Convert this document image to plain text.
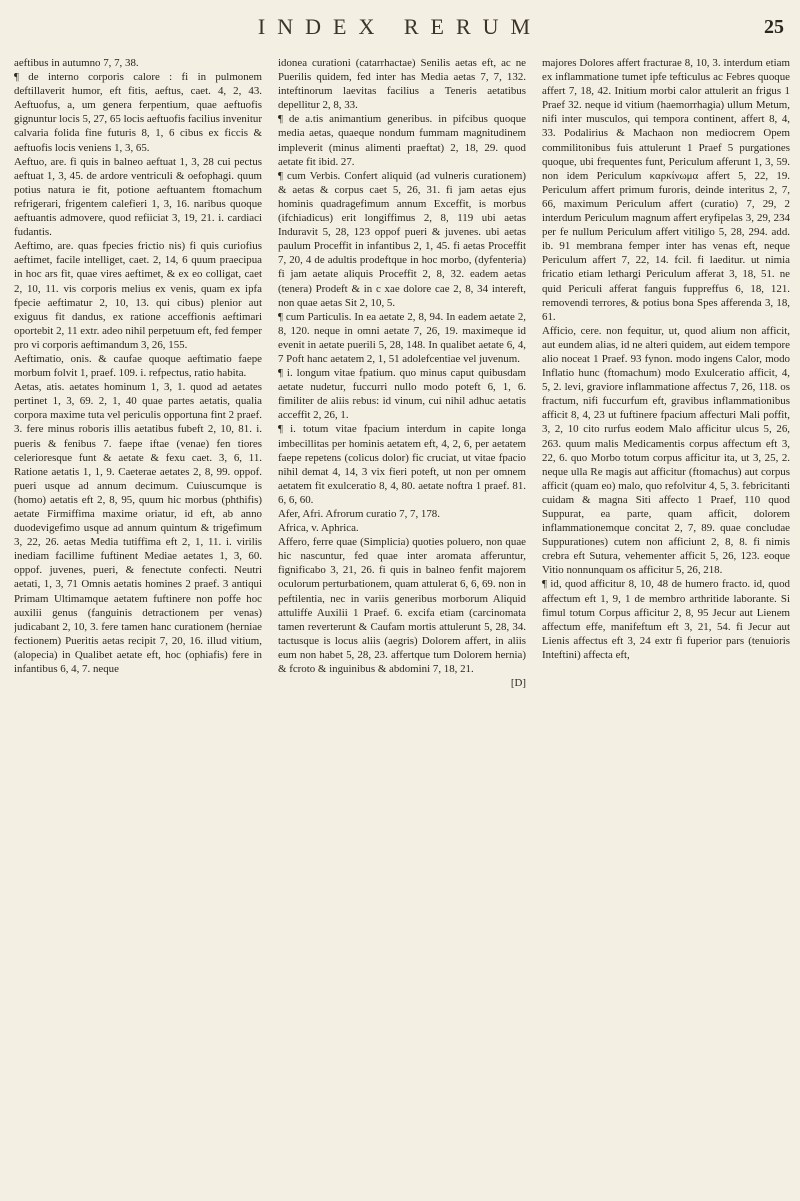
INDEX RERUM	25

aeftibus in autumno 7, 7, 38.

¶ de interno corporis calore : fi in pulmonem deftillaverit humor, eft fitis, aeftus, caet. 4, 2, 43. Aeftuofus, a, um genera ferpentium, quae aeftuofis gignuntur locis 5, 27, 65 locis aeftuofis facilius invenitur calvaria folida fine futuris 8, 1, 6 cibus ex ficcis & aeftuofis locis veniens 1, 3, 65.

Aeftuo, are. fi quis in balneo aeftuat 1, 3, 28 cui pectus aeftuat 1, 3, 45. de ardore ventriculi & oefophagi. quum potius natura ie fit, potione aeftuantem ftomachum refrigerari, frigentem calefieri 1, 3, 16. naribus quoque aeftuantis admovere, quod refiiciat 3, 19, 21. i. cardiaci fudantis.

Aeftimo, are. quas fpecies frictio nis) fi quis curiofius aeftimet, facile intelliget, caet. 2, 14, 6 quum praecipua in hoc ars fit, quae vires aeftimet, & ex eo colligat, caet 2, 10, 11. vis corporis melius ex venis, quam ex ipfa fpecie aeftimatur 2, 10, 13. qui cibus) plenior aut exiguus fit dandus, ex ratione acceffionis aeftimari oportebit 2, 11 extr. adeo nihil perpetuum eft, fed femper pro vi corporis aeftimandum 3, 26, 155.

Aeftimatio, onis. & caufae quoque aeftimatio faepe morbum folvit 1, praef. 109. i. refpectus, ratio habita.

Aetas, atis. aetates hominum 1, 3, 1. quod ad aetates pertinet 1, 3, 69. 2, 1, 40 quae partes aetatis, qualia corpora maxime tuta vel periculis opportuna fint 2 praef. 3. fere minus roboris illis aetatibus fubeft 2, 10, 81. i. pueris & fenibus 7. faepe iftae (venae) fen tiores celerioresque funt & aetate & fexu caet. 3, 6, 11. Ratione aetatis 1, 1, 9. Caeterae aetates 2, 8, 99. oppof. pueri usque ad annum decimum. Cuiuscumque is (homo) aetatis eft 2, 8, 95, quum hic morbus (phthifis) aetate Firmiffima maxime oriatur, id eft, ab anno duodevigefimo usque ad annum quintum & trigefimum 3, 22, 26. aetas Media tutiffima eft 2, 1, 11. i. virilis inediam facillime fuftinent Mediae aetates 1, 3, 60. oppof. juvenes, pueri, & fenectute confecti. Neutri aetati, 1, 3, 71 Omnis aetatis homines 2 praef. 3 antiqui Primam Ultimamque aetatem fuftinere non poffe hoc auxilii genus (fanguinis detractionem per venas) judicabant 2, 10, 3. fere tamen hanc curationem (herniae fectionem) Pueritis aetas recipit 7, 20, 16. illud vitium, (alopecia) in Qualibet aetate eft, hoc (ophiafis) fere in infantibus 6, 4, 7. neque

idonea curationi (catarrhactae) Senilis aetas eft, ac ne Puerilis quidem, fed inter has Media aetas 7, 7, 132. inteftinorum laevitas facilius a Teneris aetatibus depellitur 2, 8, 33.

¶ de a.tis animantium generibus. in pifcibus quoque media aetas, quaeque nondum fummam magnitudinem impleverit (minus alimenti praeftat) 2, 18, 29. quod aetate fit ibid. 27.

¶ cum Verbis. Confert aliquid (ad vulneris curationem) & aetas & corpus caet 5, 26, 31. fi jam aetas ejus hominis quadragefimum annum Exceffit, is morbus (ifchiadicus) erit longiffimus 2, 8, 119 ubi aetas Induravit 5, 28, 123 oppof pueri & juvenes. ubi aetas paulum Proceffit in infantibus 2, 1, 45. fi aetas Proceffit 7, 20, 4 de adultis prodeftque in hoc morbo, (dyfenteria) fi jam aetate aliquis Proceffit 2, 8, 32. eadem aetas (tenera) Prodeft & in c xae dolore cae 2, 8, 34 intereft, non quae aetas Sit 2, 10, 5.

¶ cum Particulis. In ea aetate 2, 8, 94. In eadem aetate 2, 8, 120. neque in omni aetate 7, 26, 19. maximeque id evenit in aetate puerili 5, 28, 148. In qualibet aetate 6, 4, 7 Poft hanc aetatem 2, 1, 51 adolefcentiae vel juvenum.

¶ i. longum vitae fpatium. quo minus caput quibusdam aetate nudetur, fuccurri nullo modo poteft 6, 1, 6. fimiliter de aliis rebus: id vinum, cui nihil adhuc aetatis acceffit 2, 26, 1.

¶ i. totum vitae fpacium interdum in capite longa imbecillitas per hominis aetatem eft, 4, 2, 6, per aetatem faepe repetens (colicus dolor) fic cruciat, ut vitae fpacio nihil demat 4, 14, 3 vix fieri poteft, ut non per omnem aetatem fit exulceratio 8, 4, 80. aetate noftra 1 praef. 81. 6, 6, 60.

Afer, Afri. Afrorum curatio 7, 7, 178.

Africa, v. Aphrica.

Affero, ferre quae (Simplicia) quoties poluero, non quae hic nascuntur, fed quae inter aromata afferuntur, fignificabo 3, 21, 26. fi quis in balneo fenfit majorem oculorum perturbationem, quam attulerat 6, 6, 69. non in peftilentia, nec in variis generibus morborum Aliquid attuliffe Auxilii 1 Praef. 6. excifa etiam (carcinomata tamen reverterunt & Caufam mortis attulerunt 5, 28, 34. tactusque is locus aliis (aegris) Dolorem affert, in aliis eum non habet 5, 28, 23. affertque tum Dolorem hernia) & fcroto & inguinibus & abdomini 7, 18, 21.

[D]

majores Dolores affert fracturae 8, 10, 3. interdum etiam ex inflammatione tumet ipfe tefticulus ac Febres quoque affert 7, 18, 42. Initium morbi calor attulerit an frigus 1 Praef 32. neque id vitium (haemorrhagia) ullum Metum, nifi inter musculos, qui tempora continent, affert 8, 4, 33. Podalirius & Machaon non mediocrem Opem commilitonibus fuis attulerunt 1 Praef 5 purgationes quoque, ubi frequentes funt, Periculum afferunt 1, 3, 59. non idem Periculum καρκίνωμα affert 5, 22, 19. Periculum affert primum furoris, deinde interitus 2, 7, 66, maximum Periculum affert (curatio) 7, 29, 2 interdum Periculum magnum affert eryfipelas 3, 29, 234 per fe nullum Periculum affert vitiligo 5, 28, 294. add. ib. 91 membrana femper inter has venas eft, neque Periculum affert 7, 22, 14. fcil. fi laeditur. ut nimia fricatio etiam lethargi Periculum afferat 3, 18, 51. ne quid Periculi afferat fanguis fuppreffus 6, 18, 121. removendi terrores, & potius bona Spes afferenda 3, 18, 61.

Afficio, cere. non fequitur, ut, quod alium non afficit, aut eundem alias, id ne alteri quidem, aut eidem tempore alio noceat 1 Praef. 93 fynon. modo ingens Calor, modo Inflatio hunc (ftomachum) modo Exulceratio afficit, 4, 5, 2. levi, graviore inflammatione affectus 7, 26, 118. os fractum, nifi fuccurfum eft, gravibus inflammationibus afficit 8, 4, 23 ut fuftinere fpacium affecturi Mali poffit, 3, 2, 10 cito rurfus eodem Malo afficitur ulcus 5, 26, 263. quum malis Medicamentis corpus affectum eft 3, 22, 6. quo Morbo totum corpus afficitur ita, ut 3, 25, 2. neque ulla Re magis aut afficitur (ftomachus) aut corpus afficit (quam eo) malo, quo refolvitur 4, 5, 3. febricitanti cuidam & magna Siti affecto 1 Praef, 110 quod Suppurat, ea parte, quam afficit, dolorem inflammationemque concitat 2, 7, 89. quae concludae Suppurationes) cutem non afficiunt 2, 8, 8. fi nimis crebra eft Sutura, vehementer afficit 5, 26, 123. eoque Vitio nonnunquam os afficitur 5, 26, 218.

¶ id, quod afficitur 8, 10, 48 de humero fracto. id, quod affectum eft 1, 9, 1 de membro arthritide laborante. Si fimul totum Corpus afficitur 2, 8, 95 Jecur aut Lienem affectum effe, manifeftum eft 3, 21, 54. fi Jecur aut Lienis affectus eft 3, 24 extr fi fuperior pars (tenuioris Inteftini) affecta eft,
